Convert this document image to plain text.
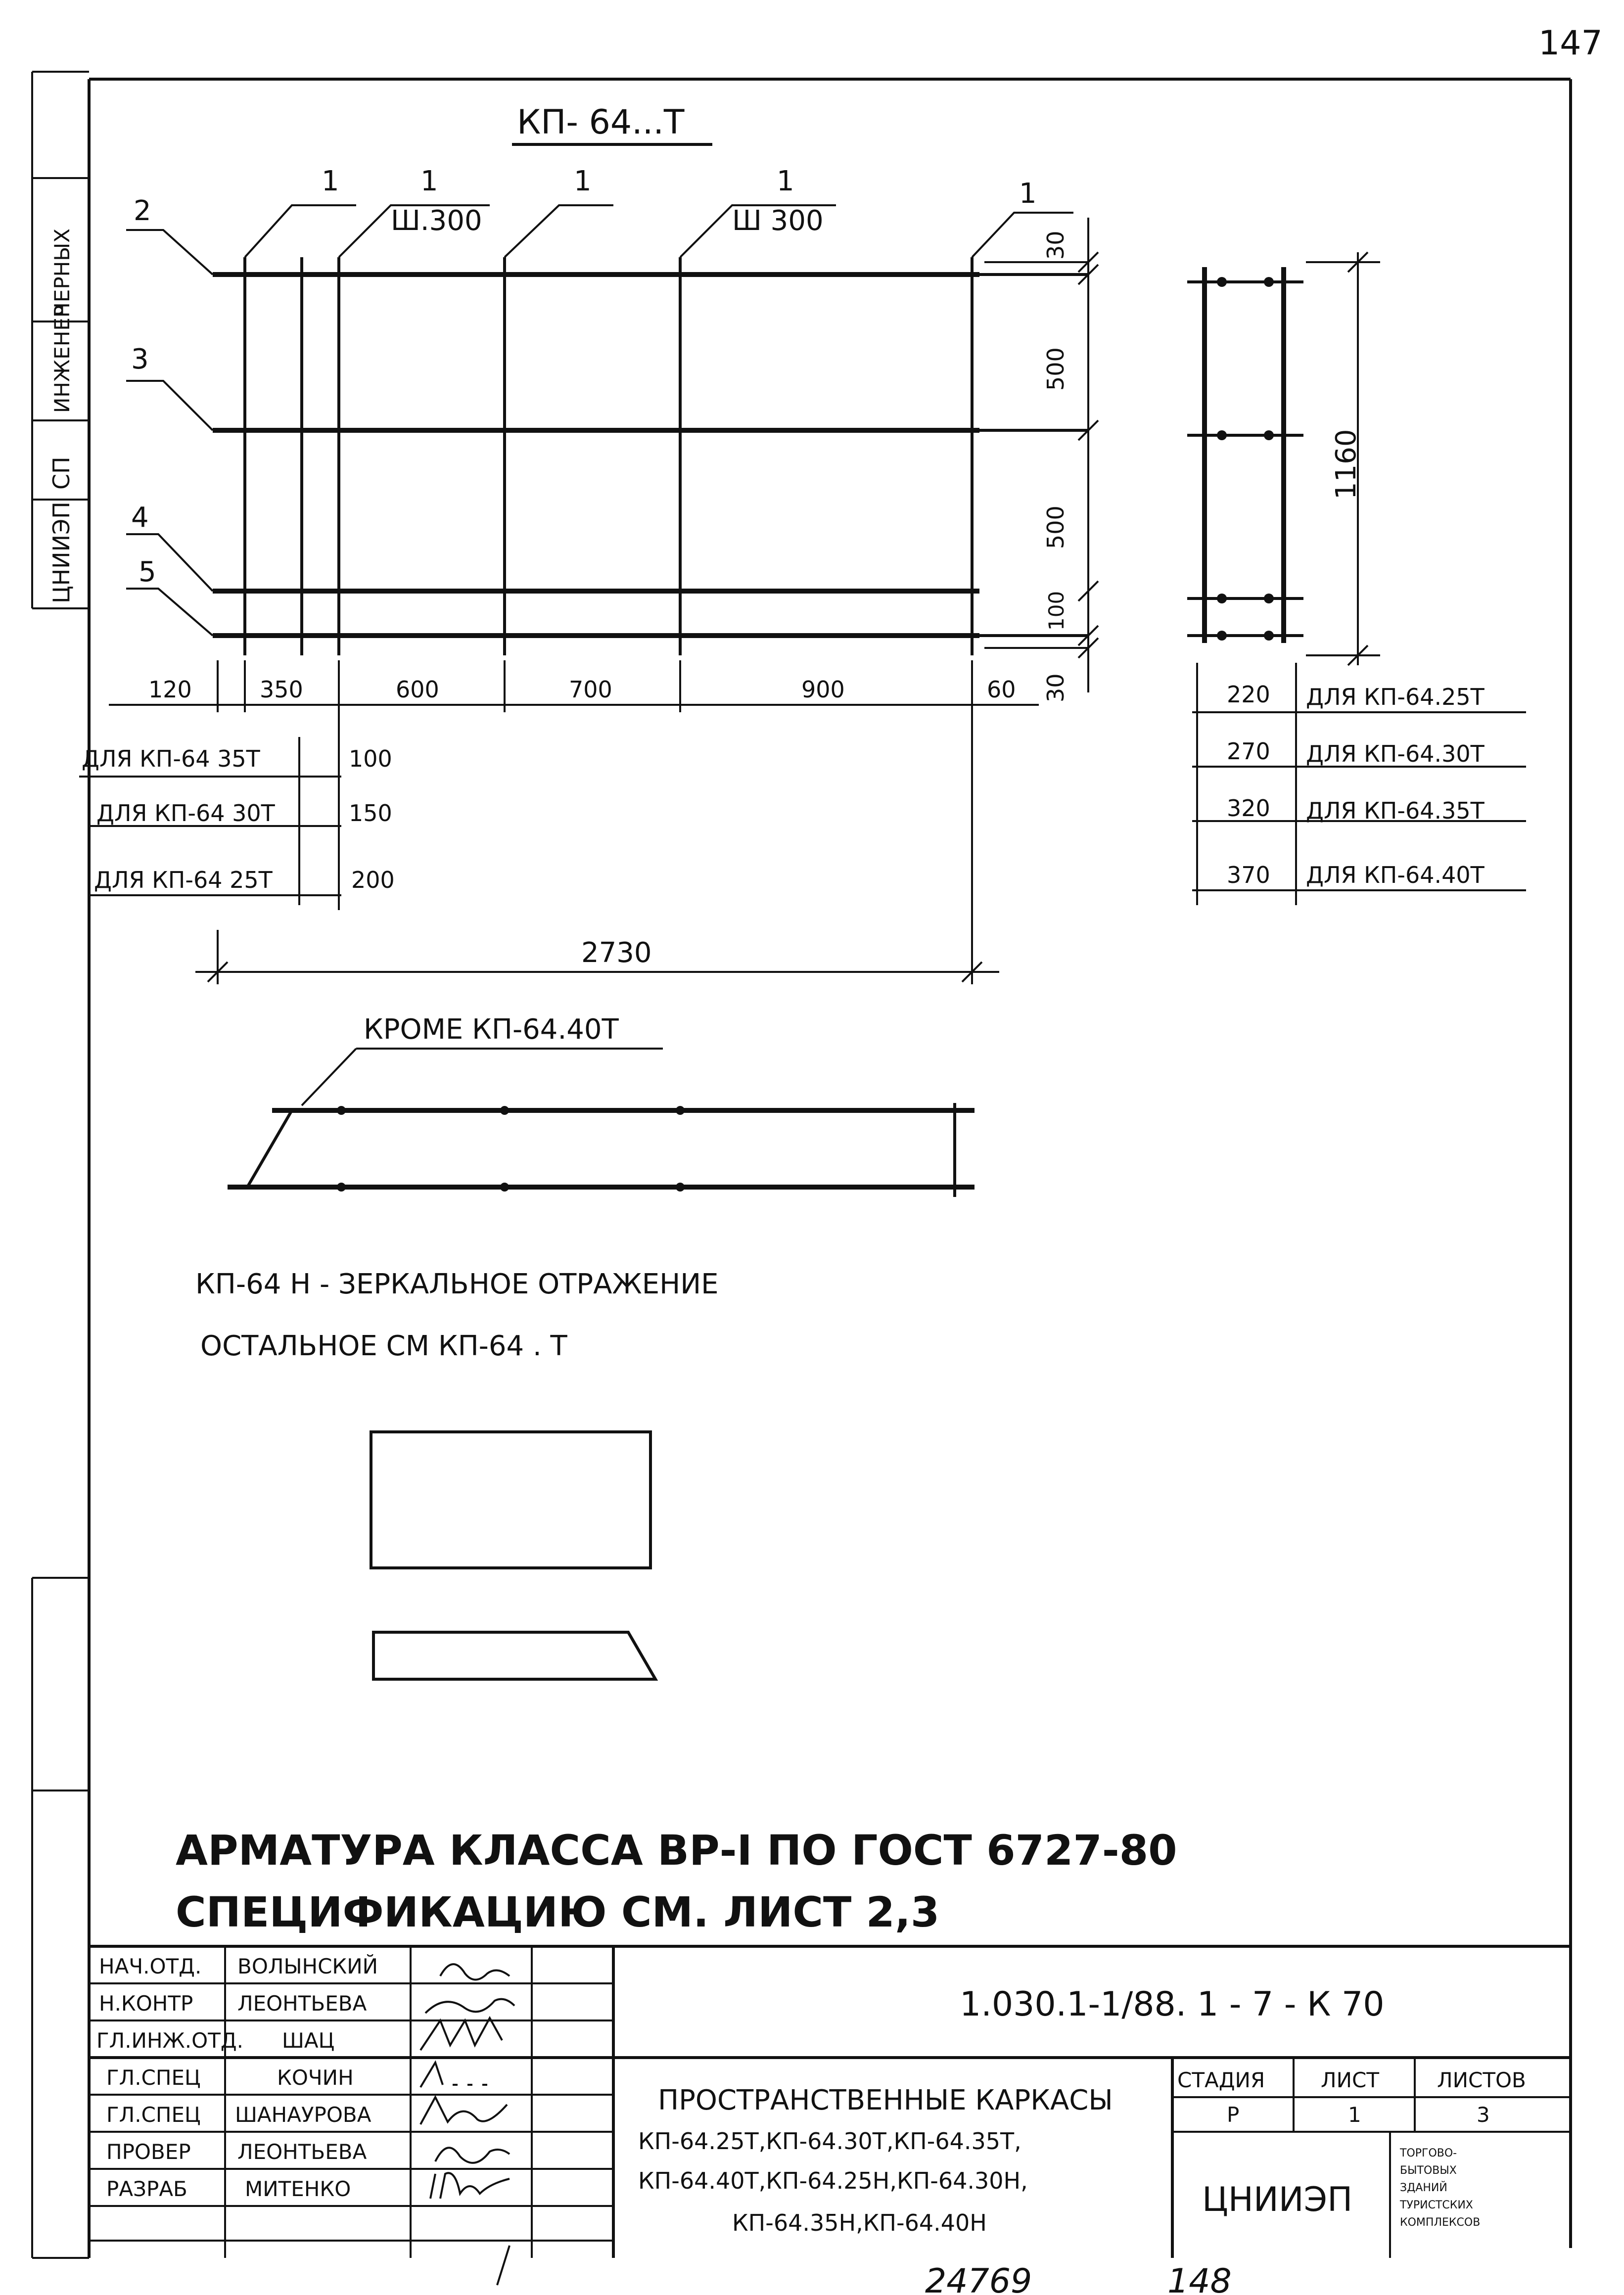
147
ЦНИИЭП
СП
ИНЖЕНЕР
ЧЕРНЫХ
КП- 64...Т
1	1
Ш.300
1	1
Ш 300
1
2
3
4
5
30
500
500
100
30
120	350	600	700	900	60
ДЛЯ КП-64 35Т	100
ДЛЯ КП-64 30Т	150
ДЛЯ КП-64 25Т	200
2730
1160
220 ДЛЯ КП-64.25Т
270 ДЛЯ КП-64.30Т
320 ДЛЯ КП-64.35Т
370 ДЛЯ КП-64.40Т
КРОМЕ КП-64.40Т
КП-64 Н - ЗЕРКАЛЬНОЕ ОТРАЖЕНИЕ
ОСТАЛЬНОЕ СМ КП-64 . Т
АРМАТУРА КЛАССА ВР-I ПО ГОСТ 6727-80
СПЕЦИФИКАЦИЮ СМ. ЛИСТ 2,3
1.030.1-1/88. 1 - 7 - К 70
НАЧ.ОТД. ВОЛЫНСКИЙ
Н.КОНТР ЛЕОНТЬЕВА
ГЛ.ИНЖ.ОТД. ШАЦ
ГЛ.СПЕЦ	КОЧИН
ГЛ.СПЕЦ ШАНАУРОВА
ПРОВЕР ЛЕОНТЬЕВА
РАЗРАБ	МИТЕНКО
ПРОСТРАНСТВЕННЫЕ КАРКАСЫ
КП-64.25Т,КП-64.30Т,КП-64.35Т,
КП-64.40Т,КП-64.25Н,КП-64.30Н,
КП-64.35Н,КП-64.40Н
СТАДИЯ	ЛИСТ	ЛИСТОВ
Р	1	3
ЦНИИЭП
ТОРГОВО-
БЫТОВЫХ
ЗДАНИЙ
ТУРИСТСКИХ
КОМПЛЕКСОВ
24769	148
